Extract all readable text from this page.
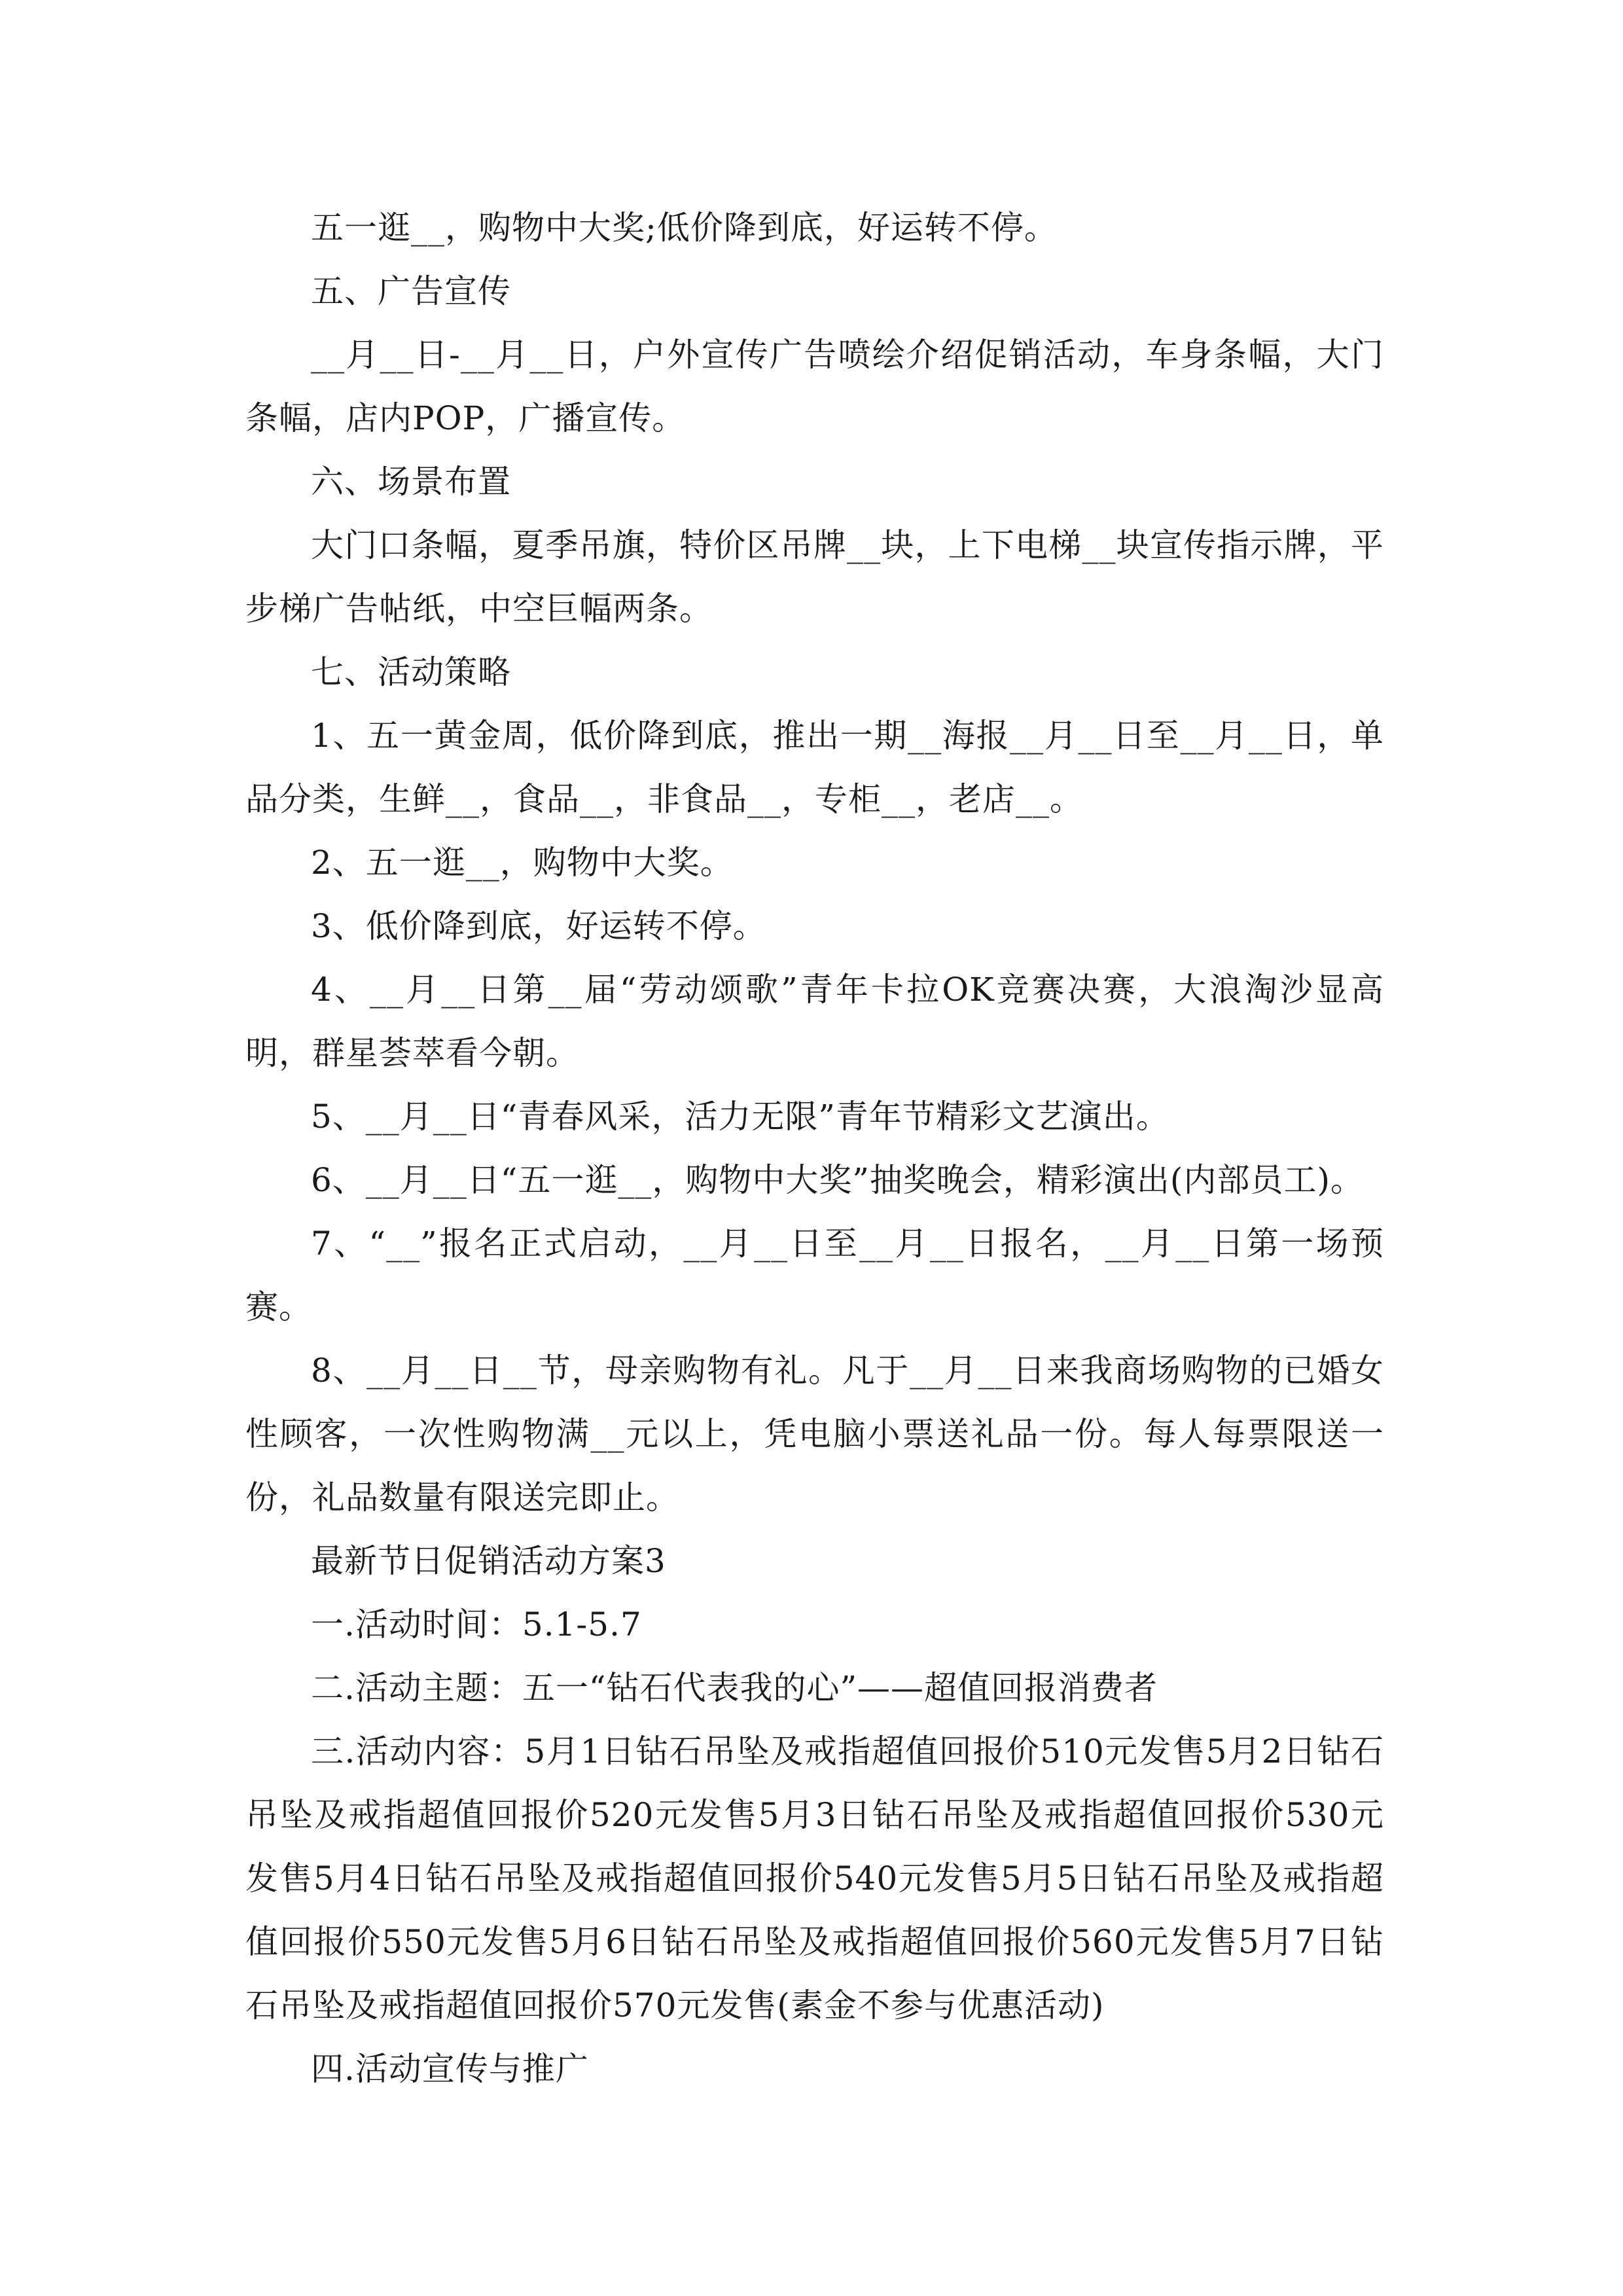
五一逛__，购物中大奖;低价降到底，好运转不停。

五、广告宣传

__月__日-__月__日，户外宣传广告喷绘介绍促销活动，车身条幅，大门条幅，店内POP，广播宣传。

六、场景布置

大门口条幅，夏季吊旗，特价区吊牌__块，上下电梯__块宣传指示牌，平步梯广告帖纸，中空巨幅两条。

七、活动策略

1、五一黄金周，低价降到底，推出一期__海报__月__日至__月__日，单品分类，生鲜__，食品__，非食品__，专柜__，老店__。

2、五一逛__，购物中大奖。

3、低价降到底，好运转不停。

4、__月__日第__届“劳动颂歌”青年卡拉OK竞赛决赛，大浪淘沙显高明，群星荟萃看今朝。

5、__月__日“青春风采，活力无限”青年节精彩文艺演出。

6、__月__日“五一逛__，购物中大奖”抽奖晚会，精彩演出(内部员工)。

7、“__”报名正式启动，__月__日至__月__日报名，__月__日第一场预赛。

8、__月__日__节，母亲购物有礼。凡于__月__日来我商场购物的已婚女性顾客，一次性购物满__元以上，凭电脑小票送礼品一份。每人每票限送一份，礼品数量有限送完即止。

最新节日促销活动方案3

一.活动时间：5.1-5.7

二.活动主题：五一“钻石代表我的心”——超值回报消费者

三.活动内容：5月1日钻石吊坠及戒指超值回报价510元发售5月2日钻石吊坠及戒指超值回报价520元发售5月3日钻石吊坠及戒指超值回报价530元发售5月4日钻石吊坠及戒指超值回报价540元发售5月5日钻石吊坠及戒指超值回报价550元发售5月6日钻石吊坠及戒指超值回报价560元发售5月7日钻石吊坠及戒指超值回报价570元发售(素金不参与优惠活动)

四.活动宣传与推广
